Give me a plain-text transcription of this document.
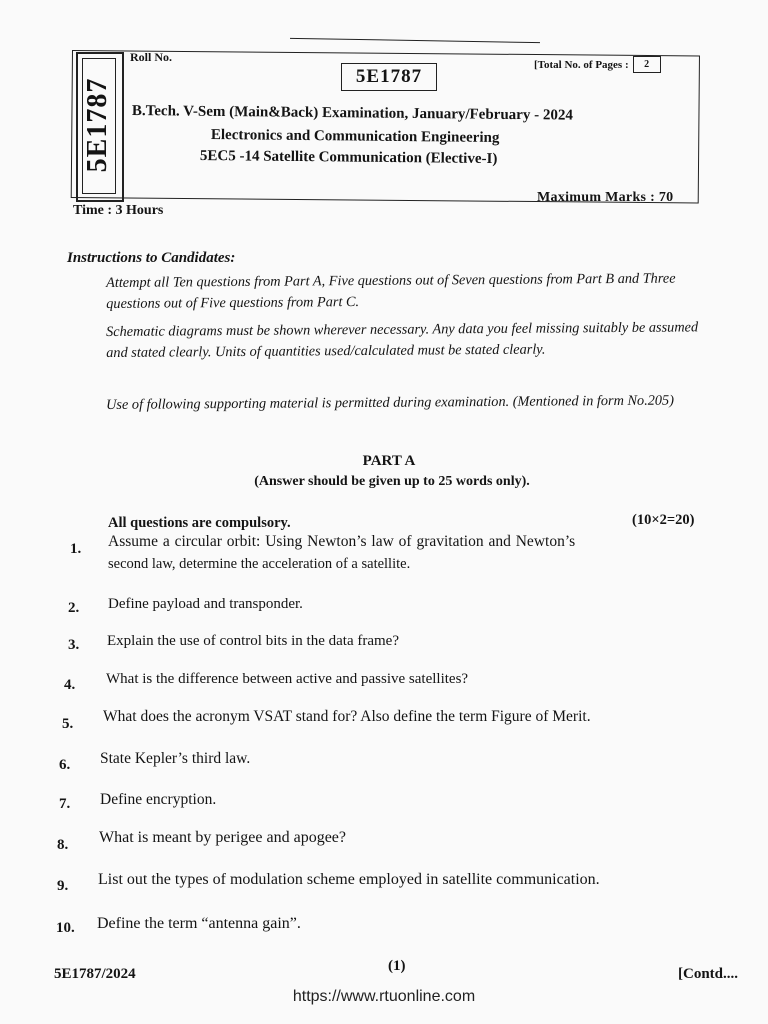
5E1787
Roll No.
5E1787
[Total No. of Pages :	2
B.Tech. V-Sem (Main&Back) Examination, January/February - 2024
Electronics and Communication Engineering
5EC5 -14 Satellite Communication (Elective-I)
Maximum Marks : 70
Time : 3 Hours
Instructions to Candidates:
Attempt all Ten questions from Part A, Five questions out of Seven questions from Part B and Three questions out of Five questions from Part C.
Schematic diagrams must be shown wherever necessary. Any data you feel missing suitably be assumed and stated clearly. Units of quantities used/calculated must be stated clearly.
Use of following supporting material is permitted during examination. (Mentioned in form No.205)
PART A
(Answer should be given up to 25 words only).
All questions are compulsory.	(10×2=20)
1. Assume a circular orbit: Using Newton’s law of gravitation and Newton’s
second law, determine the acceleration of a satellite.
2. Define payload and transponder.
3. Explain the use of control bits in the data frame?
4. What is the difference between active and passive satellites?
5. What does the acronym VSAT stand for? Also define the term Figure of Merit.
6. State Kepler’s third law.
7. Define encryption.
8. What is meant by perigee and apogee?
9. List out the types of modulation scheme employed in satellite communication.
10. Define the term “antenna gain”.
5E1787/2024	(1)	[Contd....
https://www.rtuonline.com
